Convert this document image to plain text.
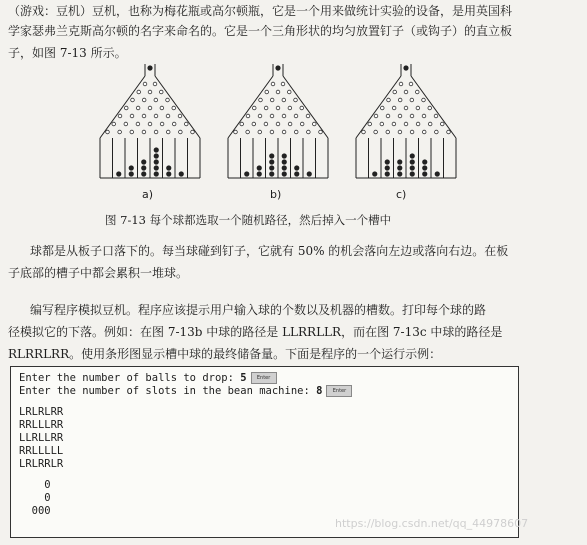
（游戏：豆机）豆机，也称为梅花瓶或高尔顿瓶，它是一个用来做统计实验的设备，是用英国科
学家瑟弗兰克斯高尔顿的名字来命名的。它是一个三角形状的均匀放置钉子（或钩子）的直立板
子，如图 7-13 所示。
a)	b)	c)
图 7-13 每个球都选取一个随机路径，然后掉入一个槽中
球都是从板子口落下的。每当球碰到钉子，它就有 50% 的机会落向左边或落向右边。在板
子底部的槽子中都会累积一堆球。
编写程序模拟豆机。程序应该提示用户输入球的个数以及机器的槽数。打印每个球的路
径模拟它的下落。例如：在图 7-13b 中球的路径是 LLRRLLR，而在图 7-13c 中球的路径是
RLRRLRR。使用条形图显示槽中球的最终储备量。下面是程序的一个运行示例：
Enter the number of balls to drop: 5 Enter
Enter the number of slots in the bean machine: 8 Enter
LRLRLRR
RRLLLRR
LLRLLRR
RRLLLLL
LRLRRLR
0
0
000
https://blog.csdn.net/qq_44978607
